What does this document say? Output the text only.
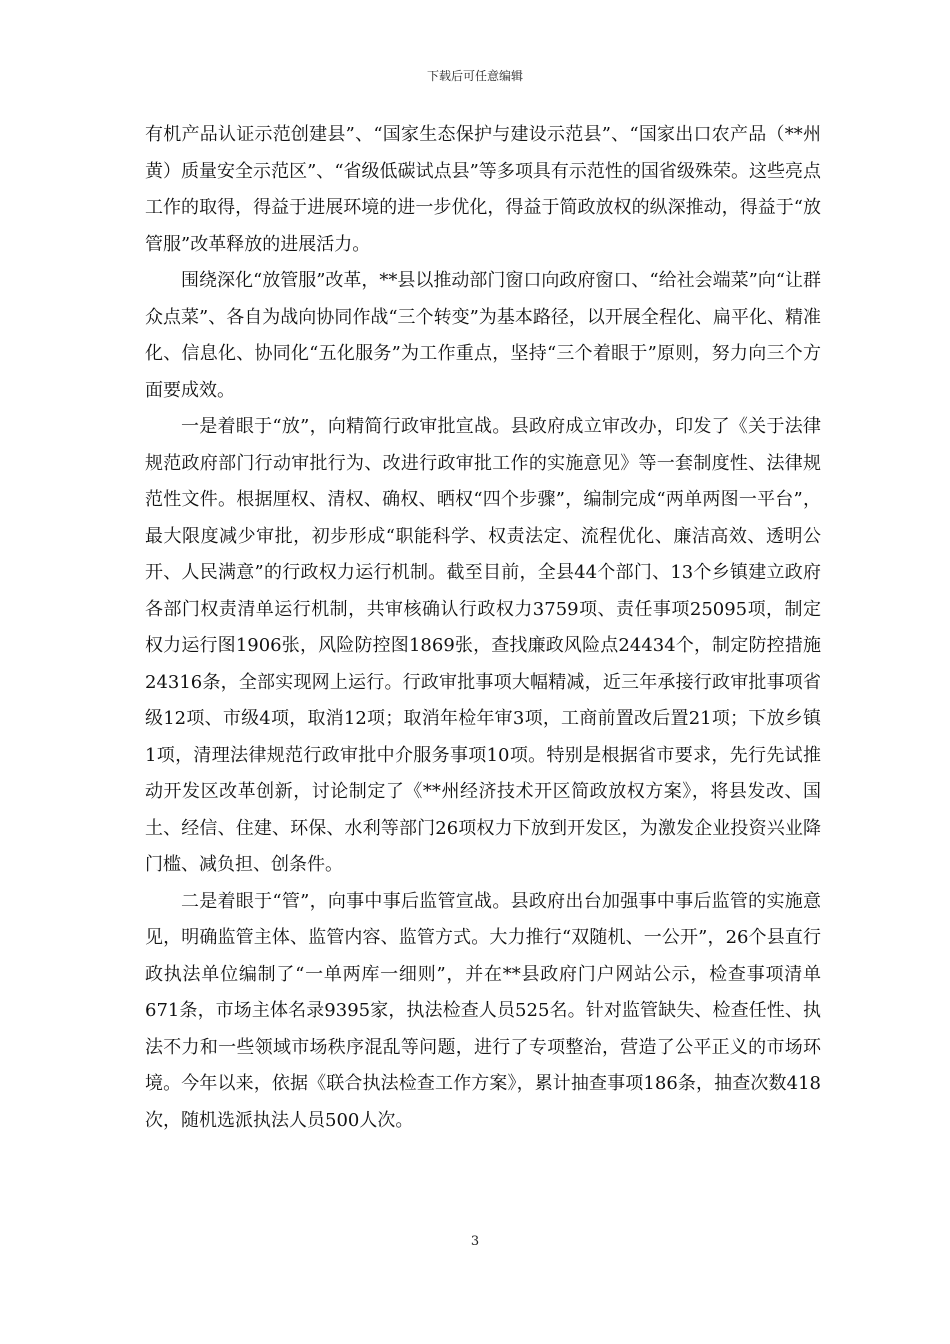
下载后可任意编辑

有机产品认证示范创建县”、“国家生态保护与建设示范县”、“国家出口农产品（**州黄）质量安全示范区”、“省级低碳试点县”等多项具有示范性的国省级殊荣。这些亮点工作的取得，得益于进展环境的进一步优化，得益于简政放权的纵深推动，得益于“放管服”改革释放的进展活力。

围绕深化“放管服”改革，**县以推动部门窗口向政府窗口、“给社会端菜”向“让群众点菜”、各自为战向协同作战“三个转变”为基本路径，以开展全程化、扁平化、精准化、信息化、协同化“五化服务”为工作重点，坚持“三个着眼于”原则，努力向三个方面要成效。

一是着眼于“放”，向精简行政审批宣战。县政府成立审改办，印发了《关于法律规范政府部门行动审批行为、改进行政审批工作的实施意见》等一套制度性、法律规范性文件。根据厘权、清权、确权、晒权“四个步骤”，编制完成“两单两图一平台”，最大限度减少审批，初步形成“职能科学、权责法定、流程优化、廉洁高效、透明公开、人民满意”的行政权力运行机制。截至目前，全县44个部门、13个乡镇建立政府各部门权责清单运行机制，共审核确认行政权力3759项、责任事项25095项，制定权力运行图1906张，风险防控图1869张，查找廉政风险点24434个，制定防控措施24316条，全部实现网上运行。行政审批事项大幅精减，近三年承接行政审批事项省级12项、市级4项，取消12项；取消年检年审3项，工商前置改后置21项；下放乡镇1项，清理法律规范行政审批中介服务事项10项。特别是根据省市要求，先行先试推动开发区改革创新，讨论制定了《**州经济技术开区简政放权方案》，将县发改、国土、经信、住建、环保、水利等部门26项权力下放到开发区，为激发企业投资兴业降门槛、减负担、创条件。

二是着眼于“管”，向事中事后监管宣战。县政府出台加强事中事后监管的实施意见，明确监管主体、监管内容、监管方式。大力推行“双随机、一公开”，26个县直行政执法单位编制了“一单两库一细则”，并在**县政府门户网站公示，检查事项清单671条，市场主体名录9395家，执法检查人员525名。针对监管缺失、检查任性、执法不力和一些领域市场秩序混乱等问题，进行了专项整治，营造了公平正义的市场环境。今年以来，依据《联合执法检查工作方案》，累计抽查事项186条，抽查次数418次，随机选派执法人员500人次。

3
